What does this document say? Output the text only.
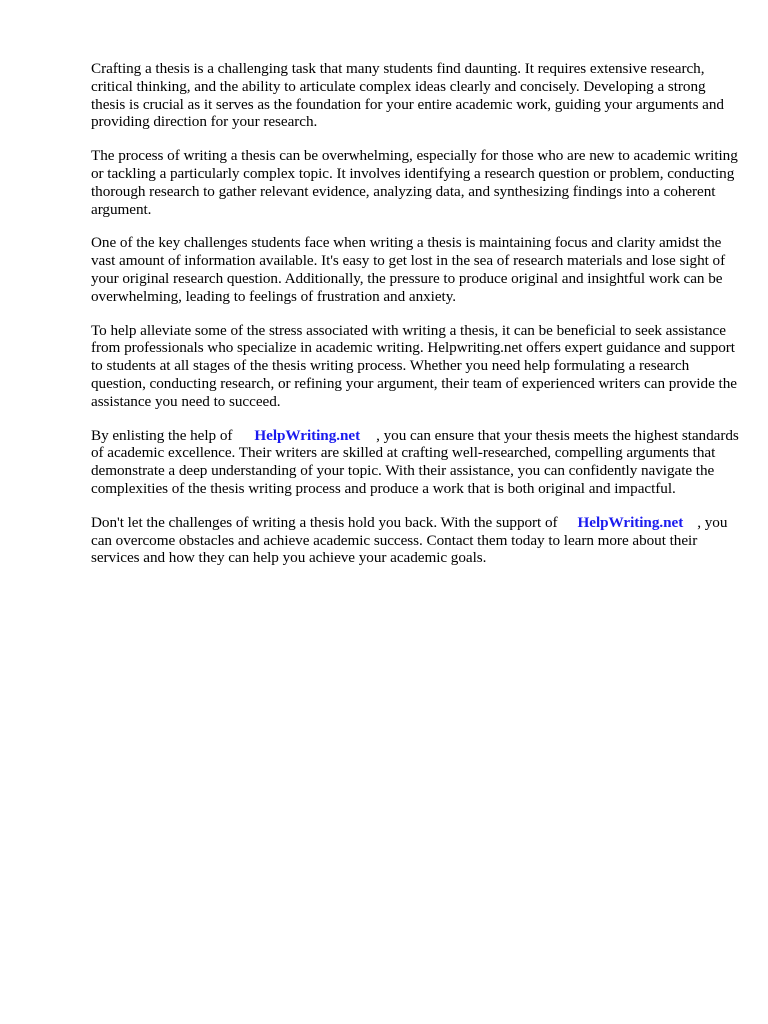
Crafting a thesis is a challenging task that many students find daunting. It requires extensive research, critical thinking, and the ability to articulate complex ideas clearly and concisely. Developing a strong thesis is crucial as it serves as the foundation for your entire academic work, guiding your arguments and providing direction for your research.

The process of writing a thesis can be overwhelming, especially for those who are new to academic writing or tackling a particularly complex topic. It involves identifying a research question or problem, conducting thorough research to gather relevant evidence, analyzing data, and synthesizing findings into a coherent argument.

One of the key challenges students face when writing a thesis is maintaining focus and clarity amidst the vast amount of information available. It's easy to get lost in the sea of research materials and lose sight of your original research question. Additionally, the pressure to produce original and insightful work can be overwhelming, leading to feelings of frustration and anxiety.

To help alleviate some of the stress associated with writing a thesis, it can be beneficial to seek assistance from professionals who specialize in academic writing. Helpwriting.net offers expert guidance and support to students at all stages of the thesis writing process. Whether you need help formulating a research question, conducting research, or refining your argument, their team of experienced writers can provide the assistance you need to succeed.

By enlisting the help of HelpWriting.net , you can ensure that your thesis meets the highest standards of academic excellence. Their writers are skilled at crafting well-researched, compelling arguments that demonstrate a deep understanding of your topic. With their assistance, you can confidently navigate the complexities of the thesis writing process and produce a work that is both original and impactful.

Don't let the challenges of writing a thesis hold you back. With the support of HelpWriting.net , you can overcome obstacles and achieve academic success. Contact them today to learn more about their services and how they can help you achieve your academic goals.
